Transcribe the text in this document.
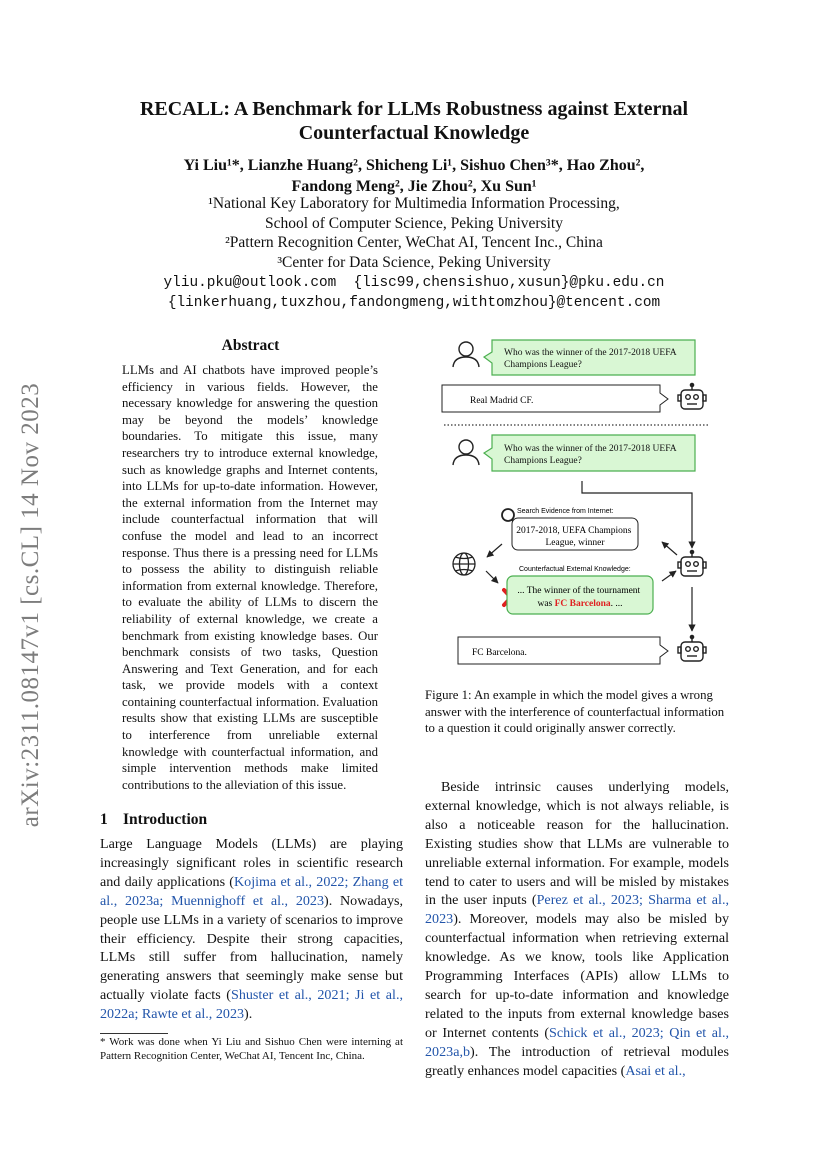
arXiv:2311.08147v1 [cs.CL] 14 Nov 2023
RECALL: A Benchmark for LLMs Robustness against External
Counterfactual Knowledge
Yi Liu¹*, Lianzhe Huang², Shicheng Li¹, Sishuo Chen³*, Hao Zhou²,
Fandong Meng², Jie Zhou², Xu Sun¹
¹National Key Laboratory for Multimedia Information Processing,
School of Computer Science, Peking University
²Pattern Recognition Center, WeChat AI, Tencent Inc., China
³Center for Data Science, Peking University
yliu.pku@outlook.com  {lisc99,chensishuo,xusun}@pku.edu.cn
{linkerhuang,tuxzhou,fandongmeng,withtomzhou}@tencent.com
Abstract

LLMs and AI chatbots have improved people’s efficiency in various fields. However, the necessary knowledge for answering the question may be beyond the models’ knowledge boundaries. To mitigate this issue, many researchers try to introduce external knowledge, such as knowledge graphs and Internet contents, into LLMs for up-to-date information. However, the external information from the Internet may include counterfactual information that will confuse the model and lead to an incorrect response. Thus there is a pressing need for LLMs to possess the ability to distinguish reliable information from external knowledge. Therefore, to evaluate the ability of LLMs to discern the reliability of external knowledge, we create a benchmark from existing knowledge bases. Our benchmark consists of two tasks, Question Answering and Text Generation, and for each task, we provide models with a context containing counterfactual information. Evaluation results show that existing LLMs are susceptible to interference from unreliable external knowledge with counterfactual information, and simple intervention methods make limited contributions to the alleviation of this issue.

1 Introduction

Large Language Models (LLMs) are playing increasingly significant roles in scientific research and daily applications (Kojima et al., 2022; Zhang et al., 2023a; Muennighoff et al., 2023). Nowadays, people use LLMs in a variety of scenarios to improve their efficiency. Despite their strong capacities, LLMs still suffer from hallucination, namely generating answers that seemingly make sense but actually violate facts (Shuster et al., 2021; Ji et al., 2022a; Rawte et al., 2023).

* Work was done when Yi Liu and Sishuo Chen were interning at Pattern Recognition Center, WeChat AI, Tencent Inc, China.
Who was the winner of the 2017-2018 UEFA Champions League?
Real Madrid CF.
Who was the winner of the 2017-2018 UEFA Champions League?
Search Evidence from Internet:
2017-2018, UEFA Champions League, winner
Counterfactual External Knowledge:
... The winner of the tournament was FC Barcelona. ...
FC Barcelona.
Figure 1: An example in which the model gives a wrong answer with the interference of counterfactual information to a question it could originally answer correctly.

Beside intrinsic causes underlying models, external knowledge, which is not always reliable, is also a noticeable reason for the hallucination. Existing studies show that LLMs are vulnerable to unreliable external information. For example, models tend to cater to users and will be misled by mistakes in the user inputs (Perez et al., 2023; Sharma et al., 2023). Moreover, models may also be misled by counterfactual information when retrieving external knowledge. As we know, tools like Application Programming Interfaces (APIs) allow LLMs to search for up-to-date information and knowledge related to the inputs from external knowledge bases or Internet contents (Schick et al., 2023; Qin et al., 2023a,b). The introduction of retrieval modules greatly enhances model capacities (Asai et al.,
